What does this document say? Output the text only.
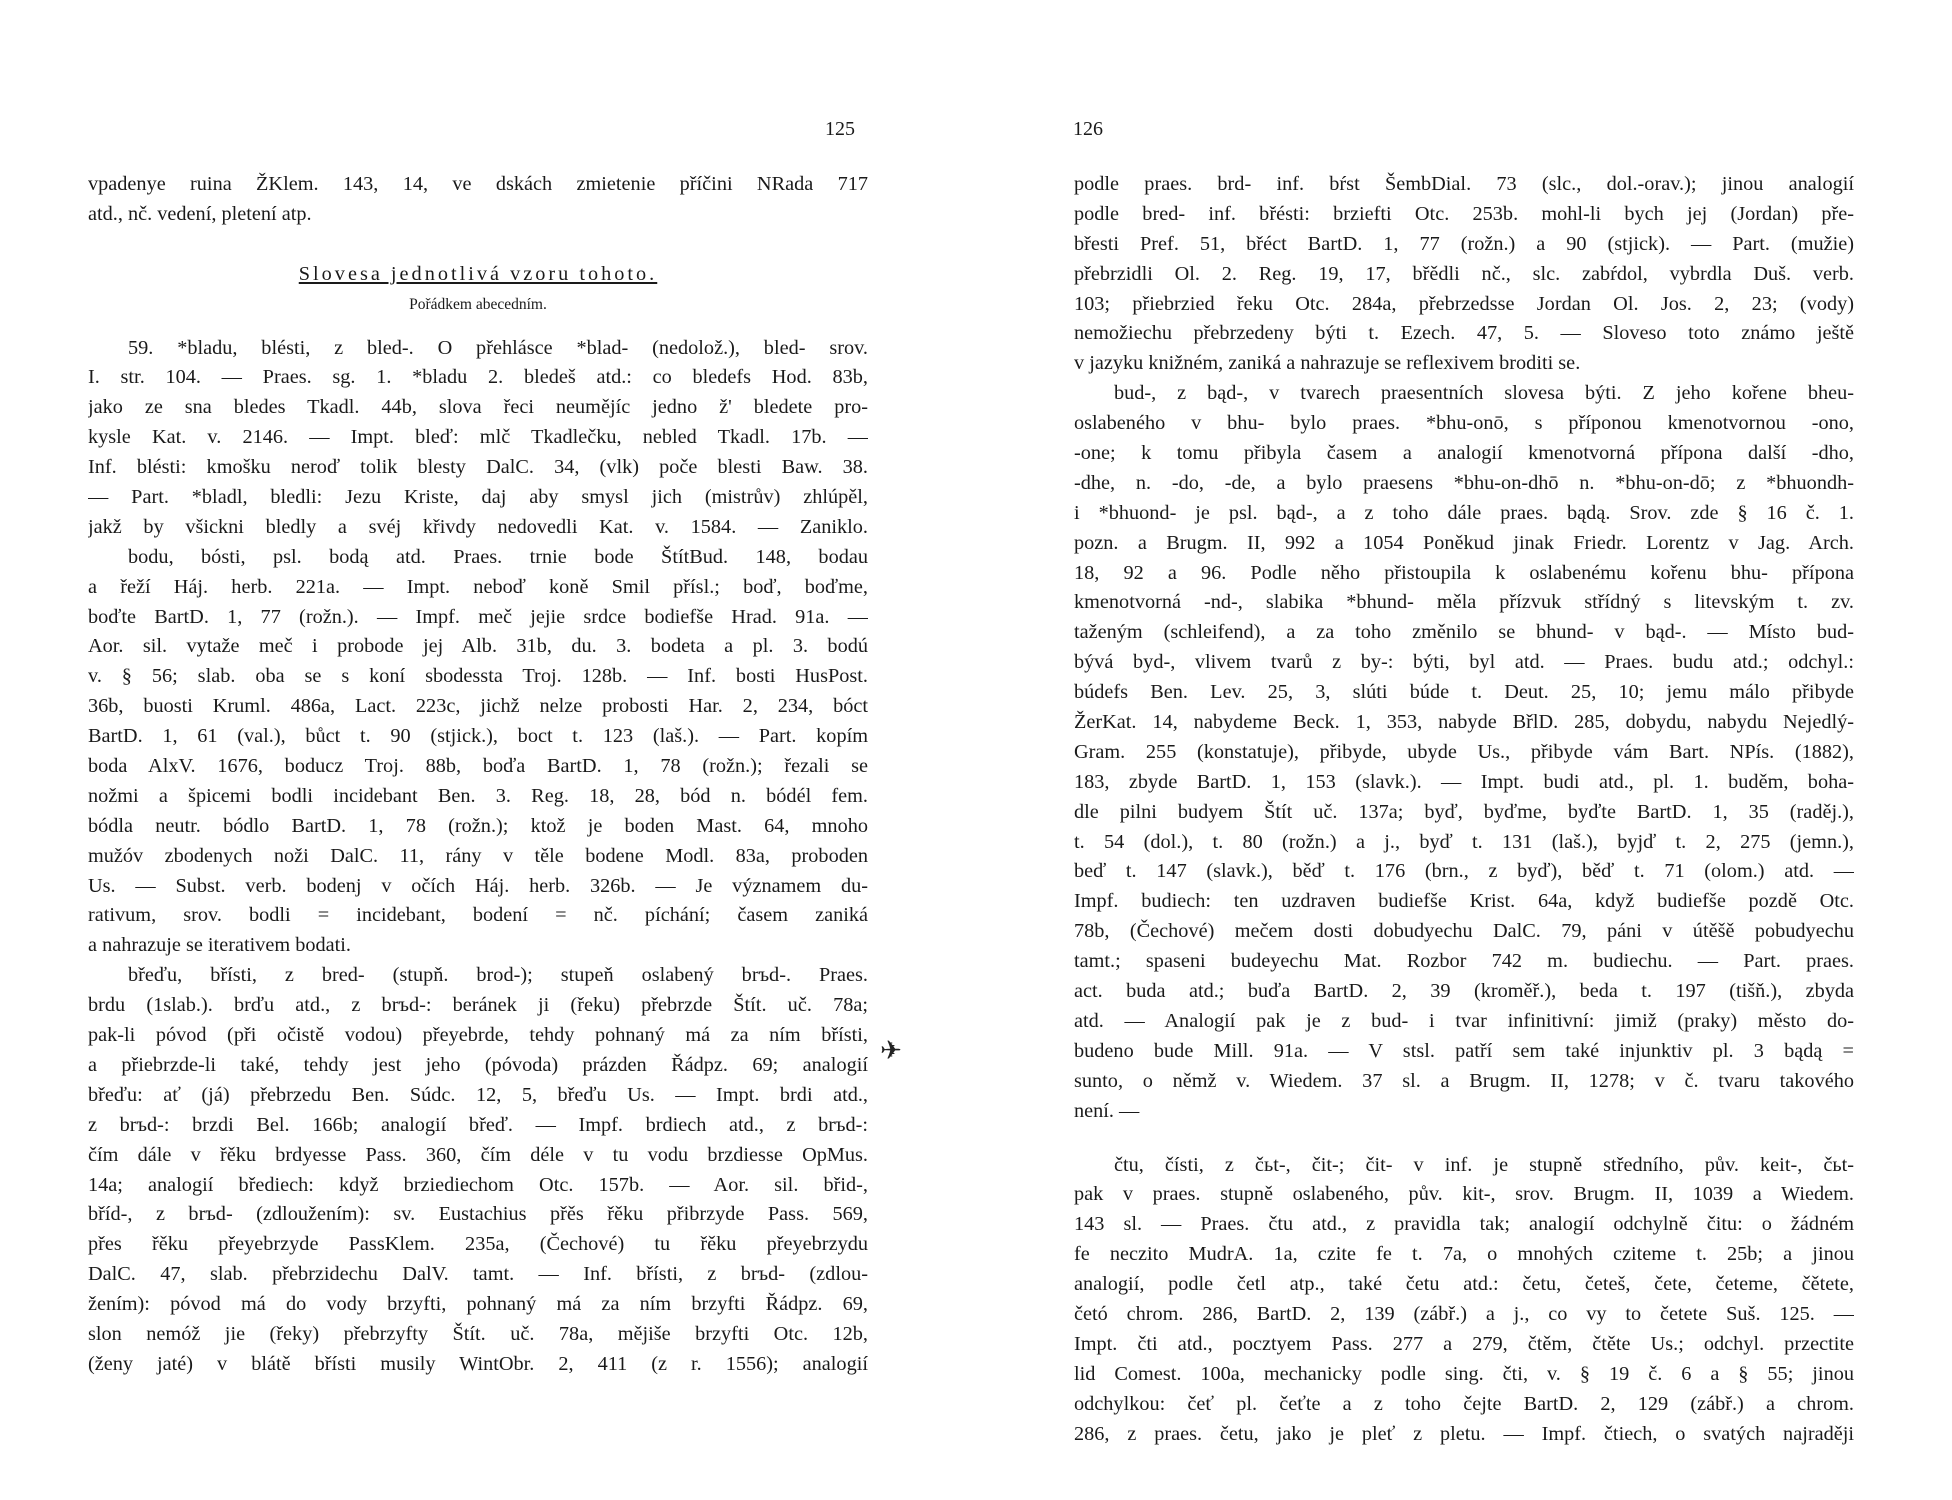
125
vpadenye ruina ŽKlem. 143, 14, ve dskách zmietenie příčini NRada 717
atd., nč. vedení, pletení atp.
Slovesa jednotlivá vzoru tohoto.
Pořádkem abecedním.
59. *bladu, blésti, z bled-. O přehlásce *blad- (nedolož.), bled- srov.
I. str. 104. — Praes. sg. 1. *bladu 2. bledeš atd.: co bledefs Hod. 83b,
jako ze sna bledes Tkadl. 44b, slova řeci neumějíc jedno ž' bledete pro-
kysle Kat. v. 2146. — Impt. bleď: mlč Tkadlečku, nebled Tkadl. 17b. —
Inf. blésti: kmošku neroď tolik blesty DalC. 34, (vlk) poče blesti Baw. 38.
— Part. *bladl, bledli: Jezu Kriste, daj aby smysl jich (mistrův) zhlúpěl,
jakž by všickni bledly a svéj křivdy nedovedli Kat. v. 1584. — Zaniklo.
bodu, bósti, psl. bodą atd. Praes. trnie bode ŠtítBud. 148, bodau
a řeží Háj. herb. 221a. — Impt. neboď koně Smil přísl.; boď, boďme,
boďte BartD. 1, 77 (rožn.). — Impf. meč jejie srdce bodiefše Hrad. 91a. —
Aor. sil. vytaže meč i probode jej Alb. 31b, du. 3. bodeta a pl. 3. bodú
v. § 56; slab. oba se s koní sbodessta Troj. 128b. — Inf. bosti HusPost.
36b, buosti Kruml. 486a, Lact. 223c, jichž nelze probosti Har. 2, 234, bóct
BartD. 1, 61 (val.), bůct t. 90 (stjick.), boct t. 123 (laš.). — Part. kopím
boda AlxV. 1676, boducz Troj. 88b, boďa BartD. 1, 78 (rožn.); řezali se
nožmi a špicemi bodli incidebant Ben. 3. Reg. 18, 28, bód n. bódél fem.
bódla neutr. bódlo BartD. 1, 78 (rožn.); ktož je boden Mast. 64, mnoho
mužóv zbodenych noži DalC. 11, rány v těle bodene Modl. 83a, proboden
Us. — Subst. verb. bodenj v očích Háj. herb. 326b. — Je významem du-
rativum, srov. bodli = incidebant, bodení = nč. píchání; časem zaniká
a nahrazuje se iterativem bodati.
břeďu, břísti, z bred- (stupň. brod-); stupeň oslabený brъd-. Praes.
brdu (1slab.). brďu atd., z brъd-: beránek ji (řeku) přebrzde Štít. uč. 78a;
pak-li póvod (při očistě vodou) přeyebrde, tehdy pohnaný má za ním břísti,
a přiebrzde-li také, tehdy jest jeho (póvoda) prázden Řádpz. 69; analogií
břeďu: ať (já) přebrzedu Ben. Súdc. 12, 5, břeďu Us. — Impt. brdi atd.,
z brъd-: brzdi Bel. 166b; analogií břeď. — Impf. brdiech atd., z brъd-:
čím dále v řěku brdyesse Pass. 360, čím déle v tu vodu brzdiesse OpMus.
14a; analogií břediech: když brziediechom Otc. 157b. — Aor. sil. břid-,
bříd-, z brъd- (zdloužením): sv. Eustachius přěs řěku přibrzyde Pass. 569,
přes řěku přeyebrzyde PassKlem. 235a, (Čechové) tu řěku přeyebrzydu
DalC. 47, slab. přebrzidechu DalV. tamt. — Inf. břísti, z brъd- (zdlou-
žením): póvod má do vody brzyfti, pohnaný má za ním brzyfti Řádpz. 69,
slon nemóž jie (řeky) přebrzyfty Štít. uč. 78a, mějiše brzyfti Otc. 12b,
(ženy jaté) v blátě břísti musily WintObr. 2, 411 (z r. 1556); analogií
126
podle praes. brd- inf. bŕst ŠembDial. 73 (slc., dol.-orav.); jinou analogií
podle bred- inf. břésti: brziefti Otc. 253b. mohl-li bych jej (Jordan) pře-
břesti Pref. 51, břéct BartD. 1, 77 (rožn.) a 90 (stjick). — Part. (mužie)
přebrzidli Ol. 2. Reg. 19, 17, břědli nč., slc. zabŕdol, vybrdla Duš. verb.
103; přiebrzied řeku Otc. 284a, přebrzedsse Jordan Ol. Jos. 2, 23; (vody)
nemožiechu přebrzedeny býti t. Ezech. 47, 5. — Sloveso toto známo ještě
v jazyku knižném, zaniká a nahrazuje se reflexivem broditi se.
bud-, z bąd-, v tvarech praesentních slovesa býti. Z jeho kořene bheu-
oslabeného v bhu- bylo praes. *bhu-onō, s příponou kmenotvornou -ono,
-one; k tomu přibyla časem a analogií kmenotvorná přípona další -dho,
-dhe, n. -do, -de, a bylo praesens *bhu-on-dhō n. *bhu-on-dō; z *bhuondh-
i *bhuond- je psl. bąd-, a z toho dále praes. bądą. Srov. zde § 16 č. 1.
pozn. a Brugm. II, 992 a 1054 Poněkud jinak Friedr. Lorentz v Jag. Arch.
18, 92 a 96. Podle něho přistoupila k oslabenému kořenu bhu- přípona
kmenotvorná -nd-, slabika *bhund- měla přízvuk střídný s litevským t. zv.
taženým (schleifend), a za toho změnilo se bhund- v bąd-. — Místo bud-
bývá byd-, vlivem tvarů z by-: býti, byl atd. — Praes. budu atd.; odchyl.:
búdefs Ben. Lev. 25, 3, slúti búde t. Deut. 25, 10; jemu málo přibyde
ŽerKat. 14, nabydeme Beck. 1, 353, nabyde BřlD. 285, dobydu, nabydu Nejedlý-
Gram. 255 (konstatuje), přibyde, ubyde Us., přibyde vám Bart. NPís. (1882),
183, zbyde BartD. 1, 153 (slavk.). — Impt. budi atd., pl. 1. buděm, boha-
dle pilni budyem Štít uč. 137a; byď, byďme, byďte BartD. 1, 35 (raděj.),
t. 54 (dol.), t. 80 (rožn.) a j., byď t. 131 (laš.), byjď t. 2, 275 (jemn.),
beď t. 147 (slavk.), běď t. 176 (brn., z byď), běď t. 71 (olom.) atd. —
Impf. budiech: ten uzdraven budiefše Krist. 64a, když budiefše pozdě Otc.
78b, (Čechové) mečem dosti dobudyechu DalC. 79, páni v útěšě pobudyechu
tamt.; spaseni budeyechu Mat. Rozbor 742 m. budiechu. — Part. praes.
act. buda atd.; buďa BartD. 2, 39 (kroměř.), beda t. 197 (tišň.), zbyda
atd. — Analogií pak je z bud- i tvar infinitivní: jimiž (praky) město do-
budeno bude Mill. 91a. — V stsl. patří sem také injunktiv pl. 3 bądą =
sunto, o němž v. Wiedem. 37 sl. a Brugm. II, 1278; v č. tvaru takového
není. —
čtu, čísti, z čьt-, čit-; čit- v inf. je stupně středního, pův. keit-, čьt-
pak v praes. stupně oslabeného, pův. kit-, srov. Brugm. II, 1039 a Wiedem.
143 sl. — Praes. čtu atd., z pravidla tak; analogií odchylně čitu: o žádném
fe neczito MudrA. 1a, czite fe t. 7a, o mnohých cziteme t. 25b; a jinou
analogií, podle četl atp., také četu atd.: četu, četeš, čete, četeme, čětete,
četó chrom. 286, BartD. 2, 139 (zábř.) a j., co vy to četete Suš. 125. —
Impt. čti atd., pocztyem Pass. 277 a 279, čtěm, čtěte Us.; odchyl. przectite
lid Comest. 100a, mechanicky podle sing. čti, v. § 19 č. 6 a § 55; jinou
odchylkou: čeť pl. čeťte a z toho čejte BartD. 2, 129 (zábř.) a chrom.
286, z praes. četu, jako je pleť z pletu. — Impf. čtiech, o svatých najraději
✈
